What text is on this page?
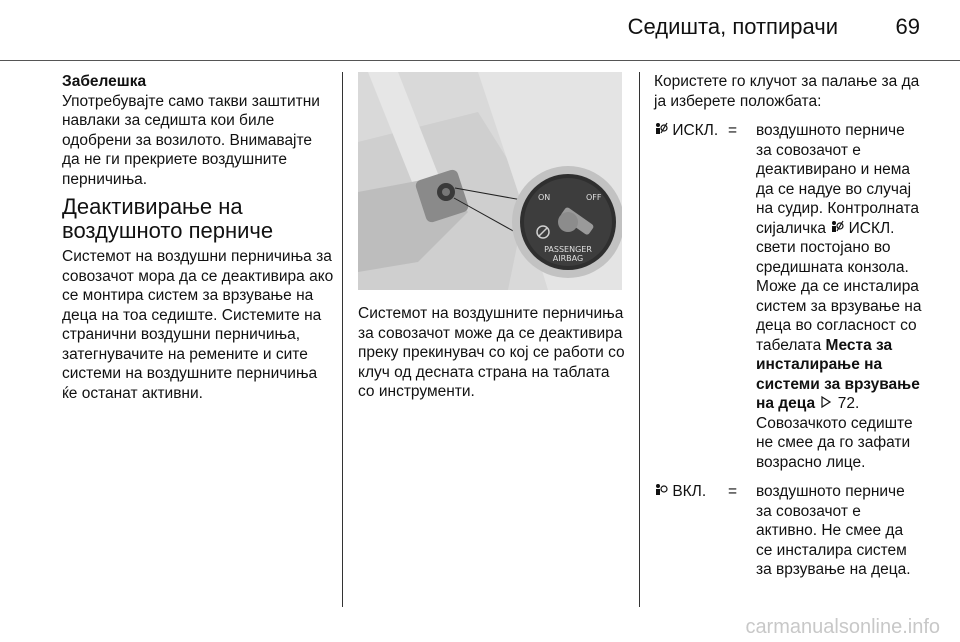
Седишта, потпирачи	69
Забелешка
Употребувајте само такви заштитни навлаки за седишта кои биле одобрени за возилото. Внимавајте да не ги прекриете воздушните перничиња.
Деактивирање на воздушното перниче
Системот на воздушни перничиња за совозачот мора да се деактивира ако се монтира систем за врзување на деца на тоа седиште. Системите на странични воздушни перничиња, затегнувачите на ремените и сите системи на воздушните перничиња ќе останат активни.
ON	OFF
PASSENGER
AIRBAG
Системот на воздушните перничиња за совозачот може да се деактивира преку прекинувач со кој се работи со клуч од десната страна на таблата со инструменти.
Користете го клучот за палање за да ја изберете положбата:
ИСКЛ. =	воздушното перниче за совозачот е деактивирано и нема да се надуе во случај на судир. Контролната сијаличка ИСКЛ. свети постојано во средишната конзола. Може да се инсталира систем за врзување на деца во согласност со табелата Места за инсталирање на системи за врзување на деца 72. Совозачкото седиште не смее да го зафати возрасно лице.
ВКЛ.	=	воздушното перниче за совозачот е активно. Не смее да се инсталира систем за врзување на деца.
carmanualsonline.info
